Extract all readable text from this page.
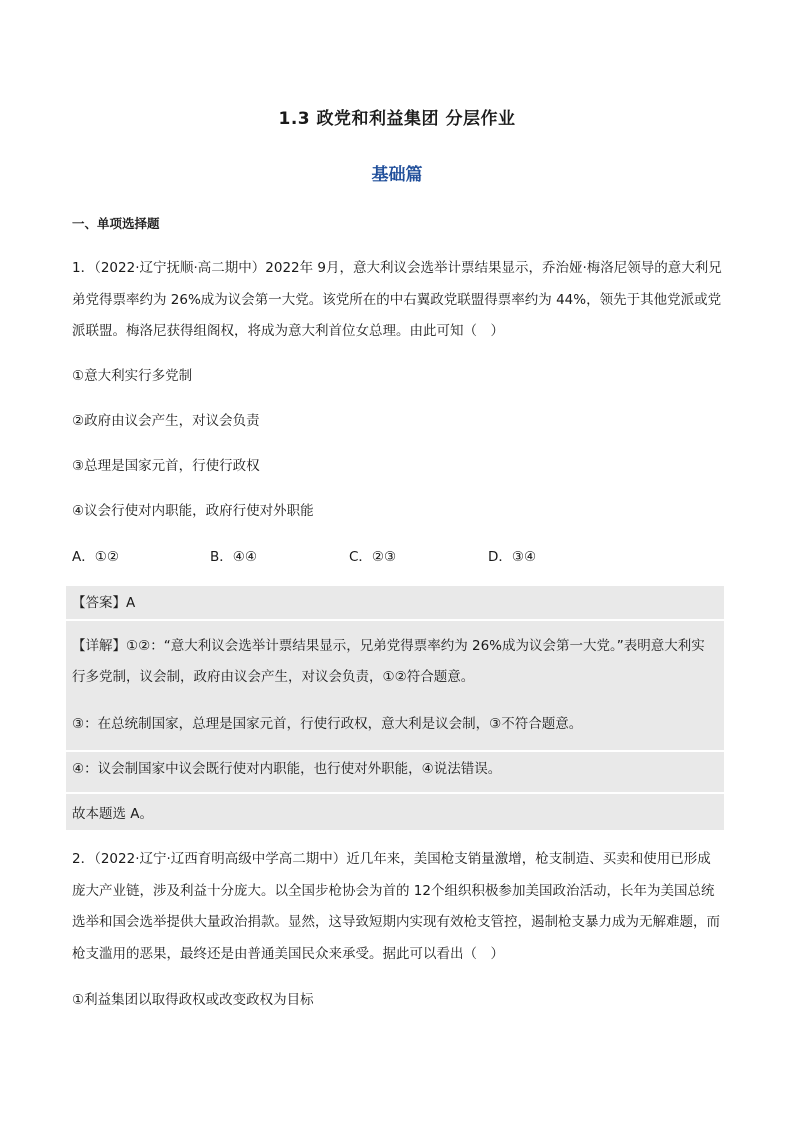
1.3 政党和利益集团 分层作业
基础篇
一、单项选择题

1．（2022·辽宁抚顺·高二期中）2022年 9月，意大利议会选举计票结果显示，乔治娅·梅洛尼领导的意大利兄弟党得票率约为 26%成为议会第一大党。该党所在的中右翼政党联盟得票率约为 44%，领先于其他党派或党派联盟。梅洛尼获得组阁权，将成为意大利首位女总理。由此可知（　）

①意大利实行多党制

②政府由议会产生，对议会负责

③总理是国家元首，行使行政权

④议会行使对内职能，政府行使对外职能

A．①②	B．④④	C．②③	D．③④

【答案】A

【详解】①②：“意大利议会选举计票结果显示，兄弟党得票率约为 26%成为议会第一大党。”表明意大利实行多党制，议会制，政府由议会产生，对议会负责，①②符合题意。

③：在总统制国家，总理是国家元首，行使行政权，意大利是议会制，③不符合题意。

④：议会制国家中议会既行使对内职能，也行使对外职能，④说法错误。

故本题选 A。

2．（2022·辽宁·辽西育明高级中学高二期中）近几年来，美国枪支销量激增，枪支制造、买卖和使用已形成庞大产业链，涉及利益十分庞大。以全国步枪协会为首的 12个组织积极参加美国政治活动，长年为美国总统选举和国会选举提供大量政治捐款。显然，这导致短期内实现有效枪支管控，遏制枪支暴力成为无解难题，而枪支滥用的恶果，最终还是由普通美国民众来承受。据此可以看出（　）

①利益集团以取得政权或改变政权为目标
